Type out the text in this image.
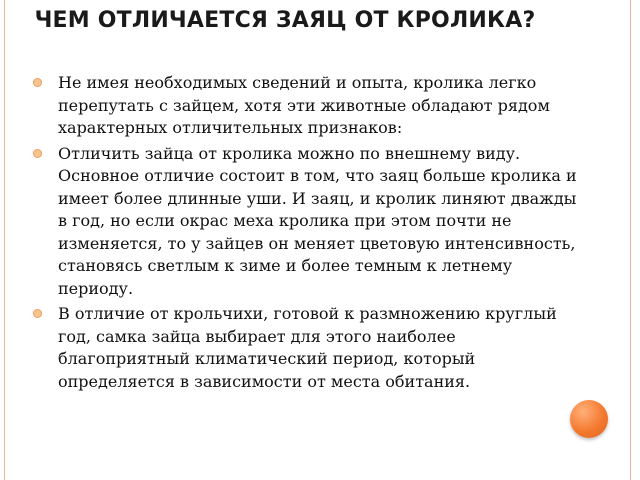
ЧЕМ ОТЛИЧАЕТСЯ ЗАЯЦ ОТ КРОЛИКА?
Не имея необходимых сведений и опыта, кролика легко перепутать с зайцем, хотя эти животные обладают рядом характерных отличительных признаков:
Отличить зайца от кролика можно по внешнему виду. Основное отличие состоит в том, что заяц больше кролика и имеет более длинные уши. И заяц, и кролик линяют дважды в год, но если окрас меха кролика при этом почти не изменяется, то у зайцев он меняет цветовую интенсивность, становясь светлым к зиме и более темным к летнему периоду.
В отличие от крольчихи, готовой к размножению круглый год, самка зайца выбирает для этого наиболее благоприятный климатический период, который определяется в зависимости от места обитания.
